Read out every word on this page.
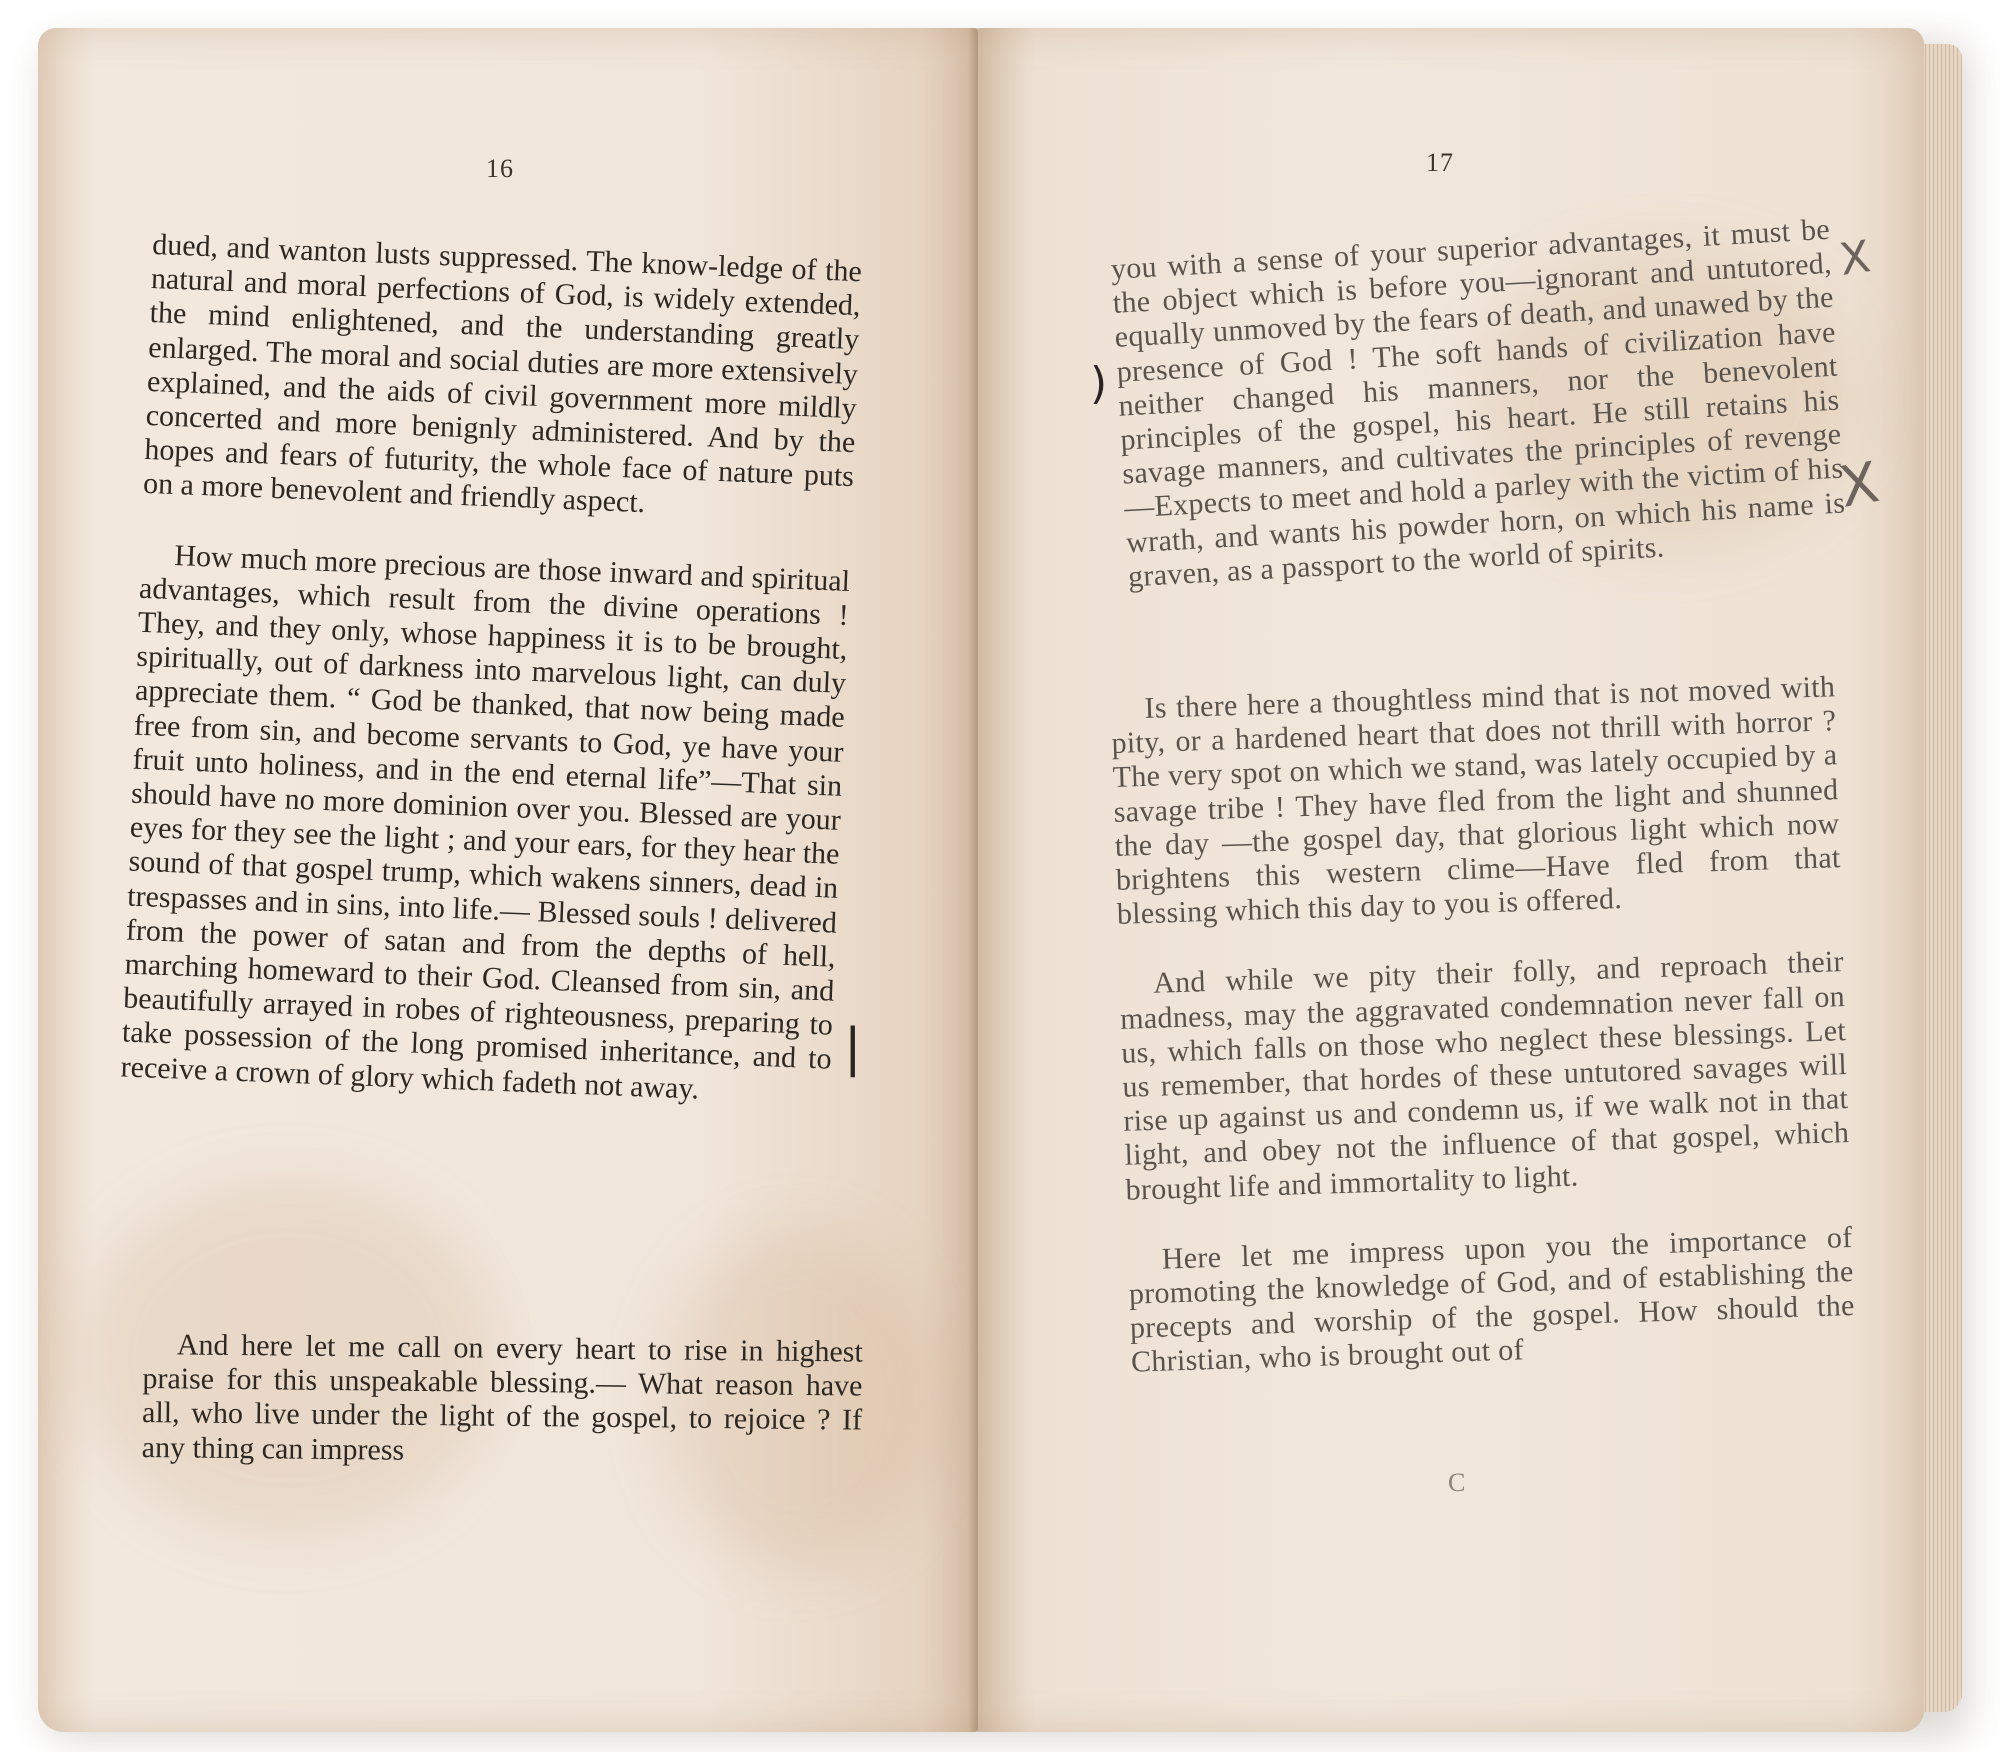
16

dued, and wanton lusts suppressed. The know-ledge of the natural and moral perfections of God, is widely extended, the mind enlightened, and the understanding greatly enlarged. The moral and social duties are more extensively explained, and the aids of civil government more mildly concerted and more benignly administered. And by the hopes and fears of futurity, the whole face of nature puts on a more benevolent and friendly aspect.

How much more precious are those inward and spiritual advantages, which result from the divine operations ! They, and they only, whose happiness it is to be brought, spiritually, out of darkness into marvelous light, can duly appreciate them. “ God be thanked, that now being made free from sin, and become servants to God, ye have your fruit unto holiness, and in the end eternal life”—That sin should have no more dominion over you. Blessed are your eyes for they see the light ; and your ears, for they hear the sound of that gospel trump, which wakens sinners, dead in trespasses and in sins, into life.— Blessed souls ! delivered from the power of satan and from the depths of hell, marching homeward to their God. Cleansed from sin, and beautifully arrayed in robes of righteousness, preparing to take possession of the long promised inheritance, and to receive a crown of glory which fadeth not away.

And here let me call on every heart to rise in highest praise for this unspeakable blessing.— What reason have all, who live under the light of the gospel, to rejoice ? If any thing can impress

|
17

you with a sense of your superior advantages, it must be the object which is before you—ignorant and untutored, equally unmoved by the fears of death, and unawed by the presence of God ! The soft hands of civilization have neither changed his manners, nor the benevolent principles of the gospel, his heart. He still retains his savage manners, and cultivates the principles of revenge —Expects to meet and hold a parley with the victim of his wrath, and wants his powder horn, on which his name is graven, as a passport to the world of spirits.

Is there here a thoughtless mind that is not moved with pity, or a hardened heart that does not thrill with horror ? The very spot on which we stand, was lately occupied by a savage tribe ! They have fled from the light and shunned the day —the gospel day, that glorious light which now brightens this western clime—Have fled from that blessing which this day to you is offered.

And while we pity their folly, and reproach their madness, may the aggravated condemnation never fall on us, which falls on those who neglect these blessings. Let us remember, that hordes of these untutored savages will rise up against us and condemn us, if we walk not in that light, and obey not the influence of that gospel, which brought life and immortality to light.

Here let me impress upon you the importance of promoting the knowledge of God, and of establishing the precepts and worship of the gospel. How should the Christian, who is brought out of

C
X
X
)
